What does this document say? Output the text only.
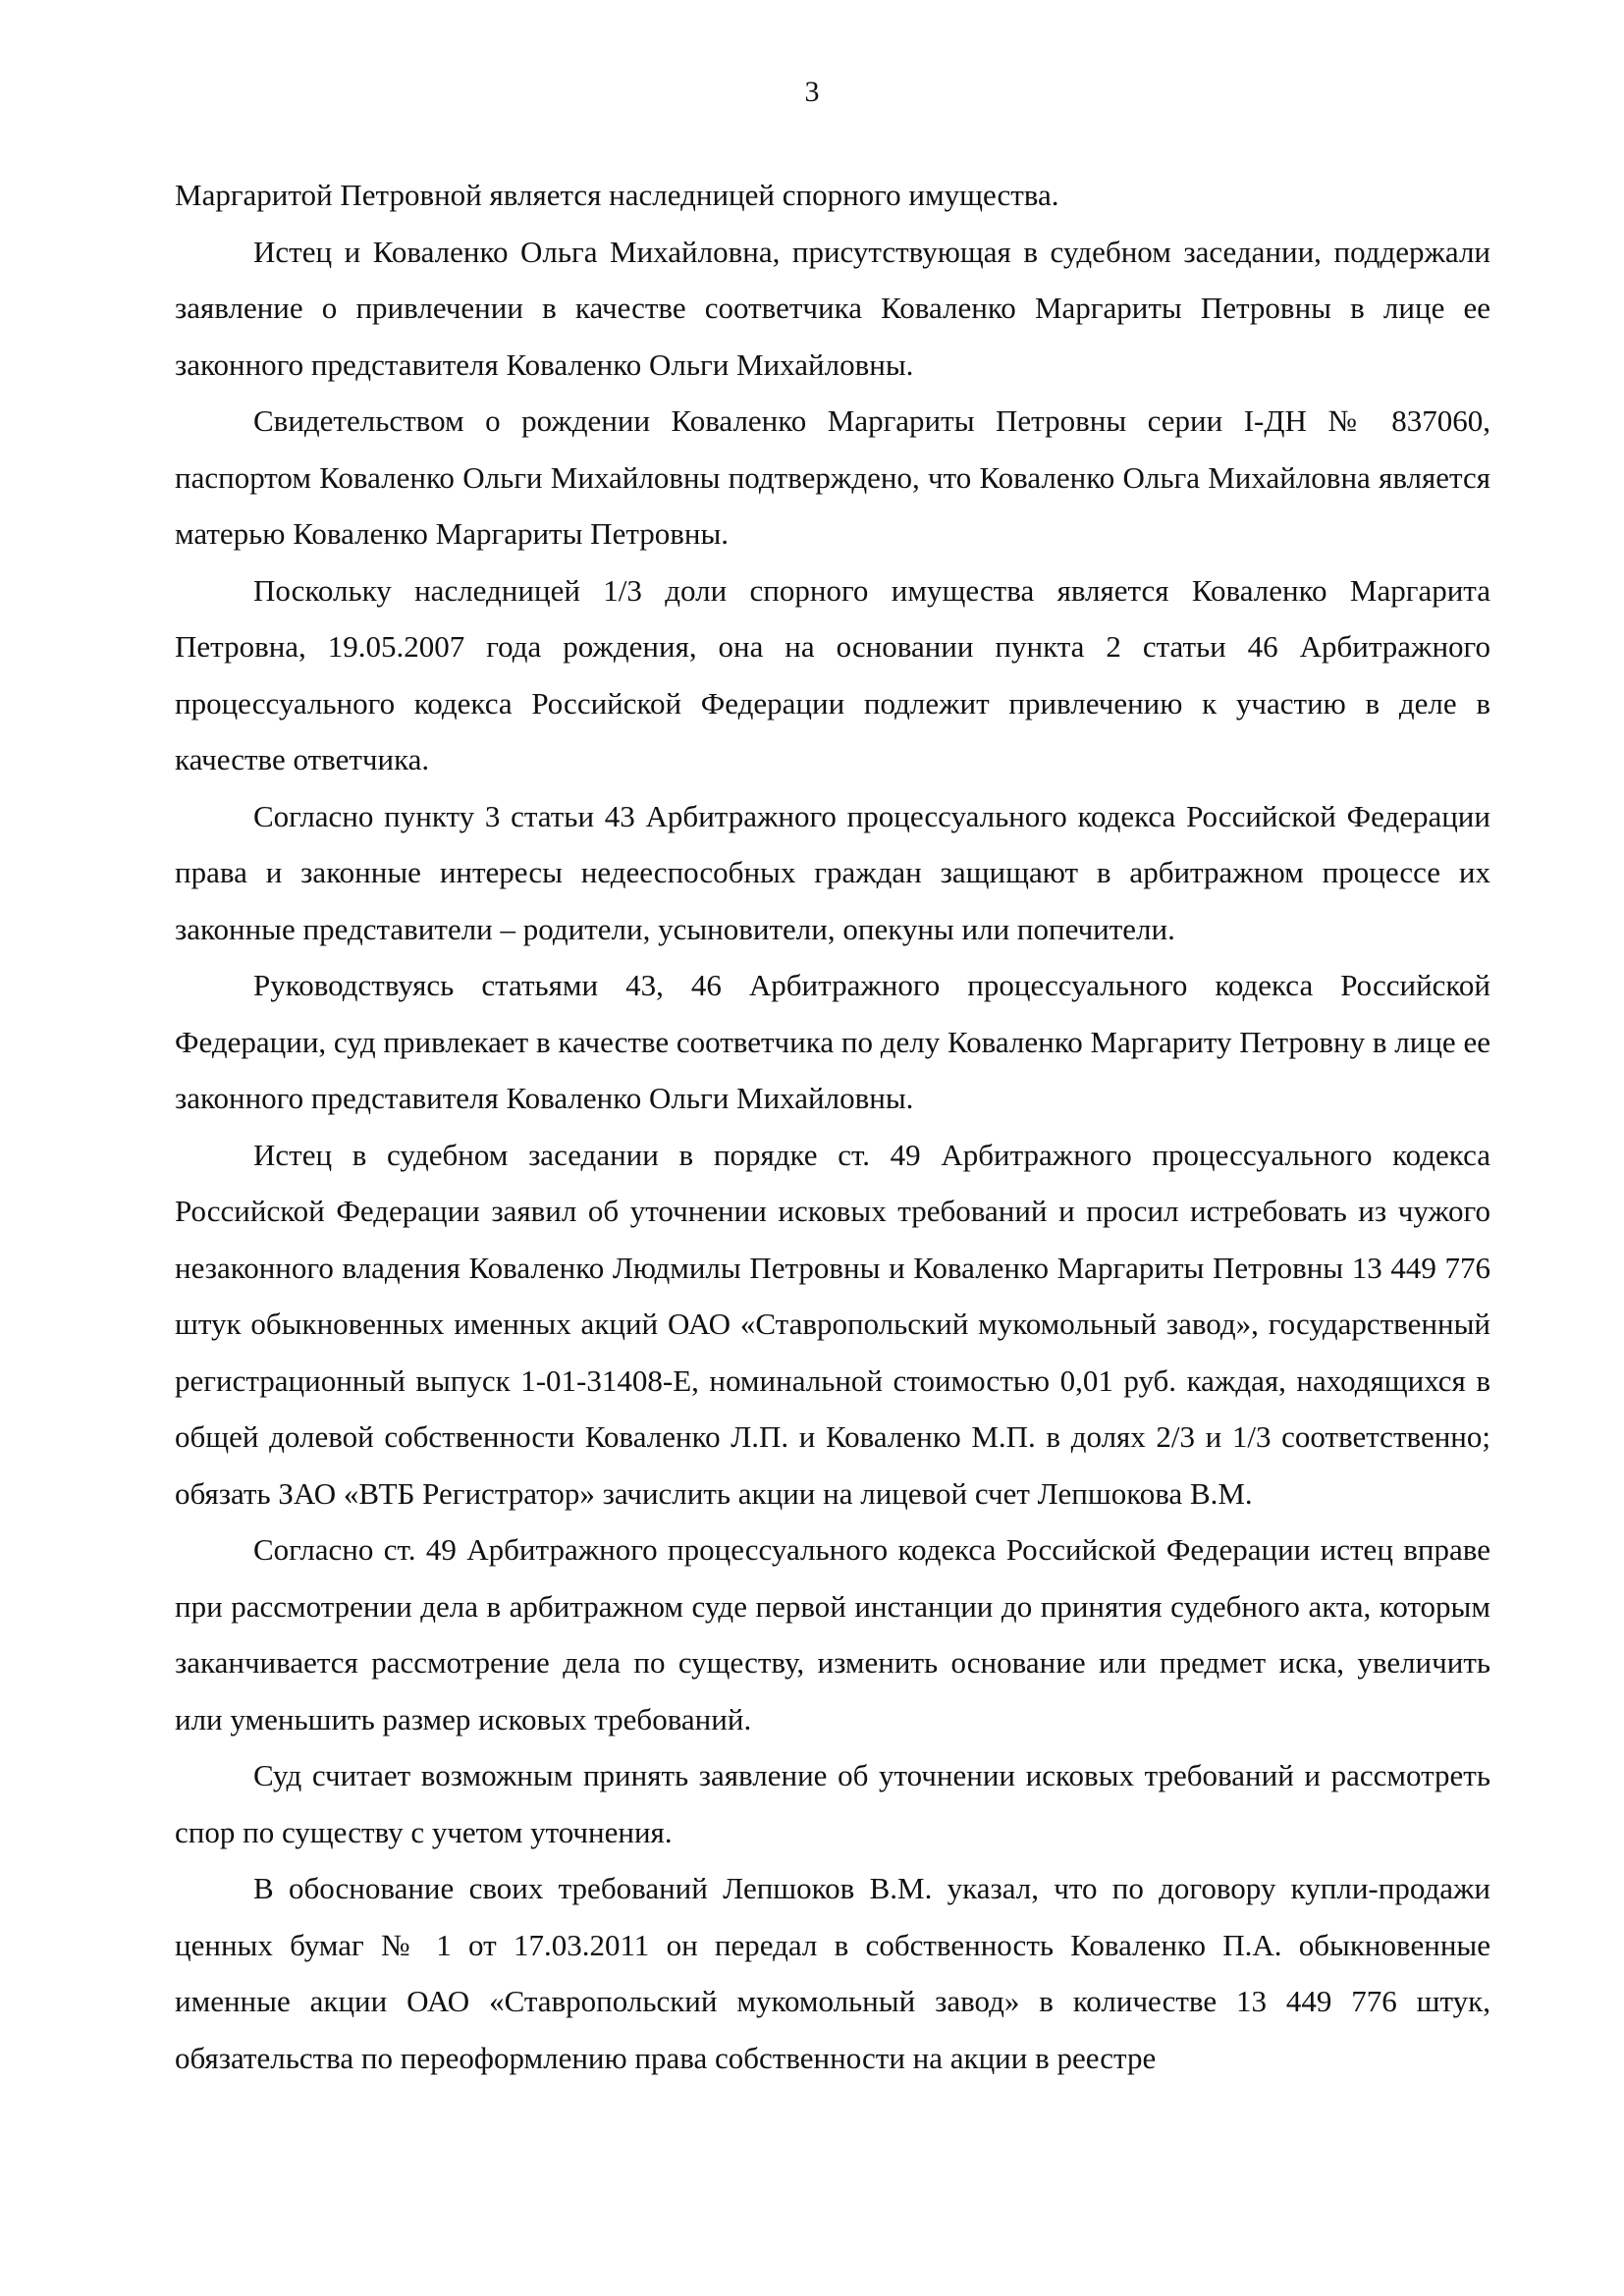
3

Маргаритой Петровной является наследницей спорного имущества.

Истец и Коваленко Ольга Михайловна, присутствующая в судебном заседании, поддержали заявление о привлечении в качестве соответчика Коваленко Маргариты Петровны в лице ее законного представителя Коваленко Ольги Михайловны.

Свидетельством о рождении Коваленко Маргариты Петровны серии I-ДН № 837060, паспортом Коваленко Ольги Михайловны подтверждено, что Коваленко Ольга Михайловна является матерью Коваленко Маргариты Петровны.

Поскольку наследницей 1/3 доли спорного имущества является Коваленко Маргарита Петровна, 19.05.2007 года рождения, она на основании пункта 2 статьи 46 Арбитражного процессуального кодекса Российской Федерации подлежит привлечению к участию в деле в качестве ответчика.

Согласно пункту 3 статьи 43 Арбитражного процессуального кодекса Российской Федерации права и законные интересы недееспособных граждан защищают в арбитражном процессе их законные представители – родители, усыновители, опекуны или попечители.

Руководствуясь статьями 43, 46 Арбитражного процессуального кодекса Российской Федерации, суд привлекает в качестве соответчика по делу Коваленко Маргариту Петровну в лице ее законного представителя Коваленко Ольги Михайловны.

Истец в судебном заседании в порядке ст. 49 Арбитражного процессуального кодекса Российской Федерации заявил об уточнении исковых требований и просил истребовать из чужого незаконного владения Коваленко Людмилы Петровны и Коваленко Маргариты Петровны 13 449 776 штук обыкновенных именных акций ОАО «Ставропольский мукомольный завод», государственный регистрационный выпуск 1-01-31408-Е, номинальной стоимостью 0,01 руб. каждая, находящихся в общей долевой собственности Коваленко Л.П. и Коваленко М.П. в долях 2/3 и 1/3 соответственно; обязать ЗАО «ВТБ Регистратор» зачислить акции на лицевой счет Лепшокова В.М.

Согласно ст. 49 Арбитражного процессуального кодекса Российской Федерации истец вправе при рассмотрении дела в арбитражном суде первой инстанции до принятия судебного акта, которым заканчивается рассмотрение дела по существу, изменить основание или предмет иска, увеличить или уменьшить размер исковых требований.

Суд считает возможным принять заявление об уточнении исковых требований и рассмотреть спор по существу с учетом уточнения.

В обоснование своих требований Лепшоков В.М. указал, что по договору купли-продажи ценных бумаг № 1 от 17.03.2011 он передал в собственность Коваленко П.А. обыкновенные именные акции ОАО «Ставропольский мукомольный завод» в количестве 13 449 776 штук, обязательства по переоформлению права собственности на акции в реестре
